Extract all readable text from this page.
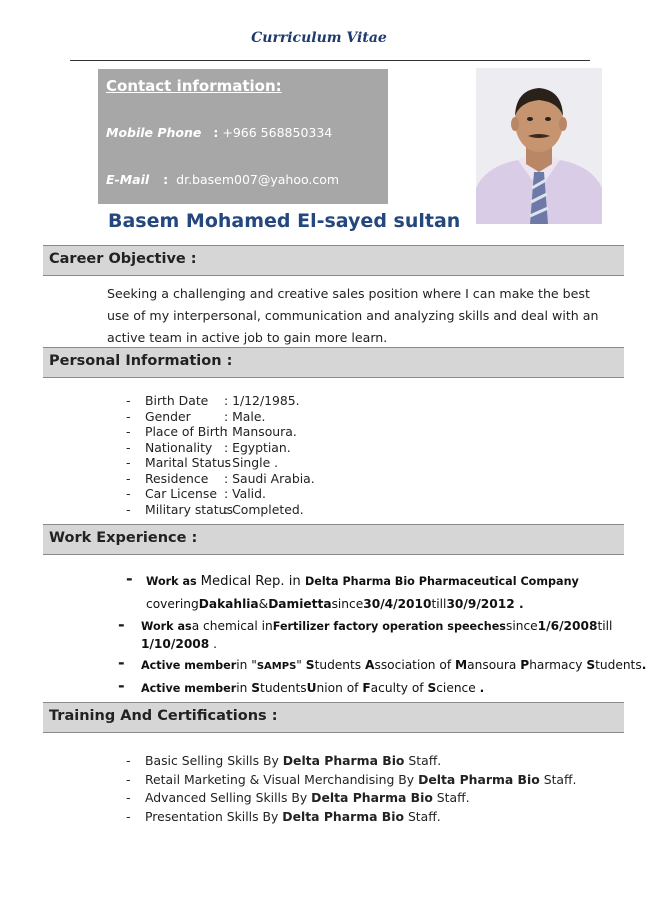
Curriculum Vitae
Contact information:
Mobile Phone : +966 568850334
E-Mail : dr.basem007@yahoo.com
Basem Mohamed El-sayed sultan
Career Objective :
Seeking a challenging and creative sales position where I can make the best use of my interpersonal, communication and analyzing skills and deal with an active team in active job to gain more learn.
Personal Information :
- Birth Date : 1/12/1985.
- Gender	: Male.
- Place of Birth
: Mansoura.
- Nationality : Egyptian.
- Marital Status
: Single .
- Residence : Saudi Arabia.
- Car License : Valid.
- Military status
: Completed.
Work Experience :
- Work as Medical Rep. in Delta Pharma Bio Pharmaceutical Company
coveringDakahlia&Damiettasince30/4/2010till30/9/2012 .
- Work asa chemical inFertilizer factory operation speechessince1/6/2008till
1/10/2008 .
- Active memberin "SAMPS" Students Association of Mansoura Pharmacy Students.
- Active memberin StudentsUnion of Faculty of Science .
Training And Certifications :
- Basic Selling Skills By Delta Pharma Bio Staff.
- Retail Marketing & Visual Merchandising By Delta Pharma Bio Staff.
- Advanced Selling Skills By Delta Pharma Bio Staff.
- Presentation Skills By Delta Pharma Bio Staff.
